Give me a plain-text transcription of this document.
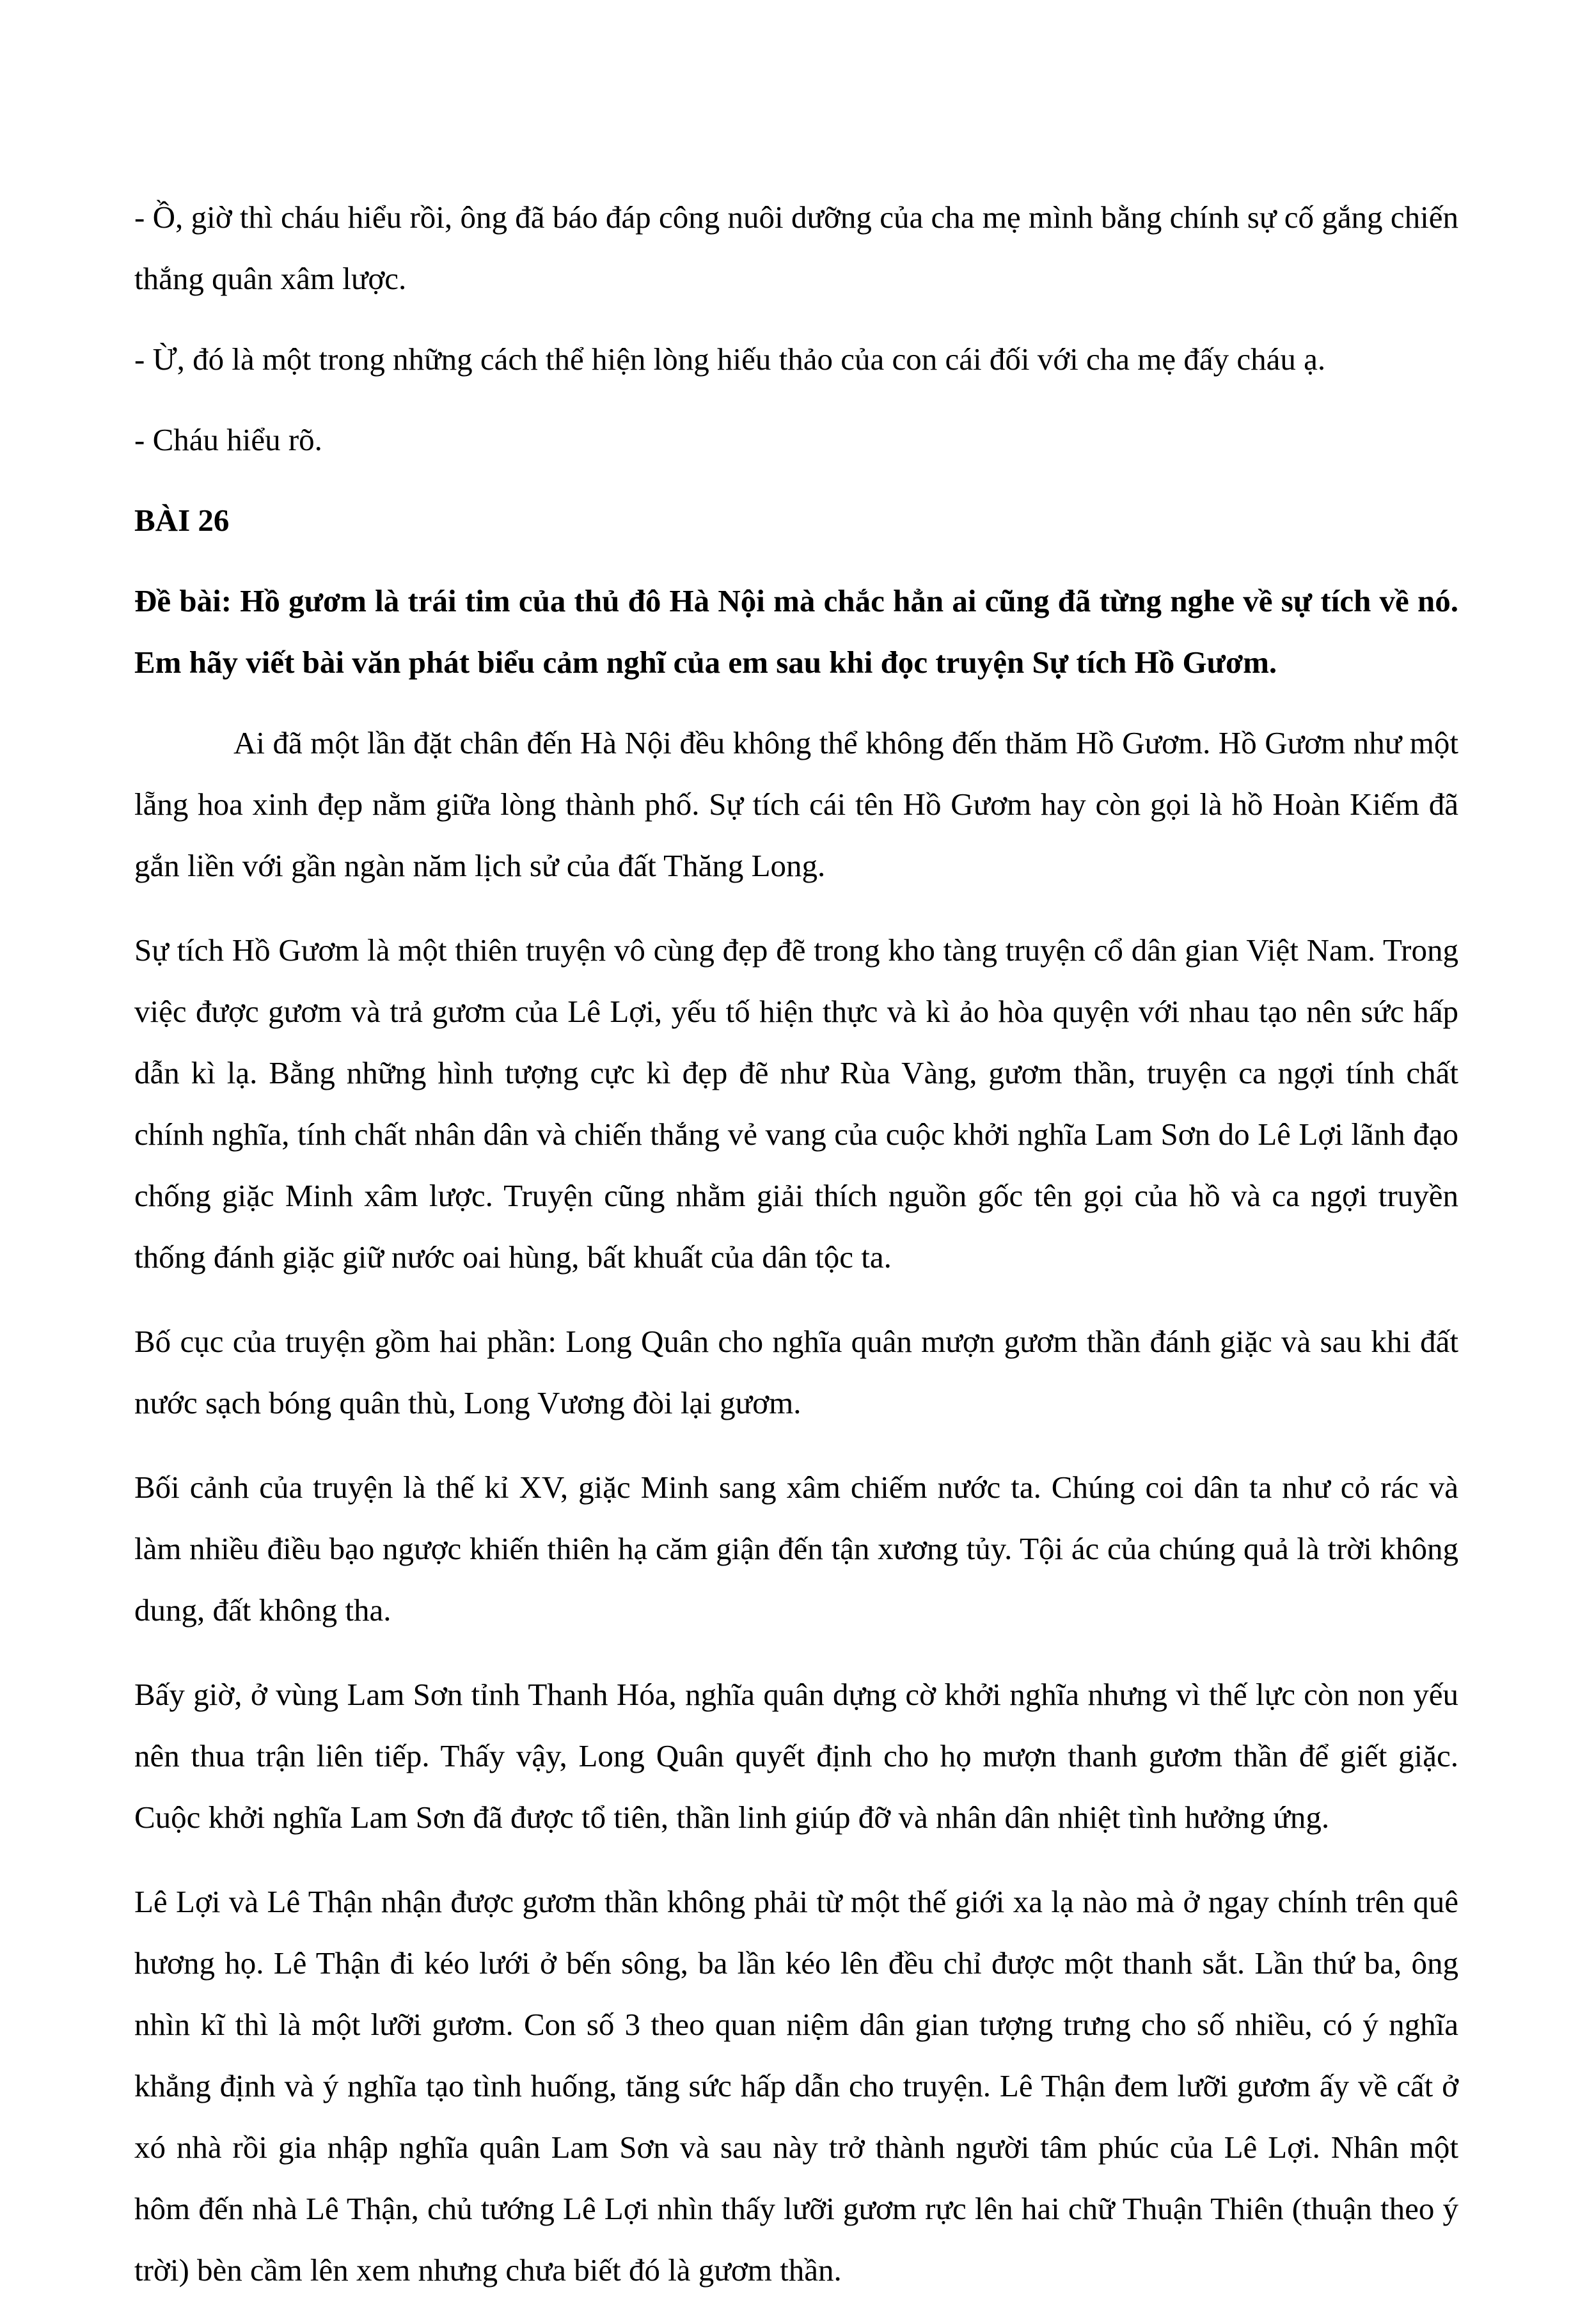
- Ồ, giờ thì cháu hiểu rồi, ông đã báo đáp công nuôi dưỡng của cha mẹ mình bằng chính sự cố gắng chiến thắng quân xâm lược.

- Ừ, đó là một trong những cách thể hiện lòng hiếu thảo của con cái đối với cha mẹ đấy cháu ạ.

- Cháu hiểu rõ.

BÀI 26

Đề bài: Hồ gươm là trái tim của thủ đô Hà Nội mà chắc hẳn ai cũng đã từng nghe về sự tích về nó. Em hãy viết bài văn phát biểu cảm nghĩ của em sau khi đọc truyện Sự tích Hồ Gươm.

Ai đã một lần đặt chân đến Hà Nội đều không thể không đến thăm Hồ Gươm. Hồ Gươm như một lẵng hoa xinh đẹp nằm giữa lòng thành phố. Sự tích cái tên Hồ Gươm hay còn gọi là hồ Hoàn Kiếm đã gắn liền với gần ngàn năm lịch sử của đất Thăng Long.

Sự tích Hồ Gươm là một thiên truyện vô cùng đẹp đẽ trong kho tàng truyện cổ dân gian Việt Nam. Trong việc được gươm và trả gươm của Lê Lợi, yếu tố hiện thực và kì ảo hòa quyện với nhau tạo nên sức hấp dẫn kì lạ. Bằng những hình tượng cực kì đẹp đẽ như Rùa Vàng, gươm thần, truyện ca ngợi tính chất chính nghĩa, tính chất nhân dân và chiến thắng vẻ vang của cuộc khởi nghĩa Lam Sơn do Lê Lợi lãnh đạo chống giặc Minh xâm lược. Truyện cũng nhằm giải thích nguồn gốc tên gọi của hồ và ca ngợi truyền thống đánh giặc giữ nước oai hùng, bất khuất của dân tộc ta.

Bố cục của truyện gồm hai phần: Long Quân cho nghĩa quân mượn gươm thần đánh giặc và sau khi đất nước sạch bóng quân thù, Long Vương đòi lại gươm.

Bối cảnh của truyện là thế kỉ XV, giặc Minh sang xâm chiếm nước ta. Chúng coi dân ta như cỏ rác và làm nhiều điều bạo ngược khiến thiên hạ căm giận đến tận xương tủy. Tội ác của chúng quả là trời không dung, đất không tha.

Bấy giờ, ở vùng Lam Sơn tỉnh Thanh Hóa, nghĩa quân dựng cờ khởi nghĩa nhưng vì thế lực còn non yếu nên thua trận liên tiếp. Thấy vậy, Long Quân quyết định cho họ mượn thanh gươm thần để giết giặc. Cuộc khởi nghĩa Lam Sơn đã được tổ tiên, thần linh giúp đỡ và nhân dân nhiệt tình hưởng ứng.

Lê Lợi và Lê Thận nhận được gươm thần không phải từ một thế giới xa lạ nào mà ở ngay chính trên quê hương họ. Lê Thận đi kéo lưới ở bến sông, ba lần kéo lên đều chỉ được một thanh sắt. Lần thứ ba, ông nhìn kĩ thì là một lưỡi gươm. Con số 3 theo quan niệm dân gian tượng trưng cho số nhiều, có ý nghĩa khẳng định và ý nghĩa tạo tình huống, tăng sức hấp dẫn cho truyện. Lê Thận đem lưỡi gươm ấy về cất ở xó nhà rồi gia nhập nghĩa quân Lam Sơn và sau này trở thành người tâm phúc của Lê Lợi. Nhân một hôm đến nhà Lê Thận, chủ tướng Lê Lợi nhìn thấy lưỡi gươm rực lên hai chữ Thuận Thiên (thuận theo ý trời) bèn cầm lên xem nhưng chưa biết đó là gươm thần.
